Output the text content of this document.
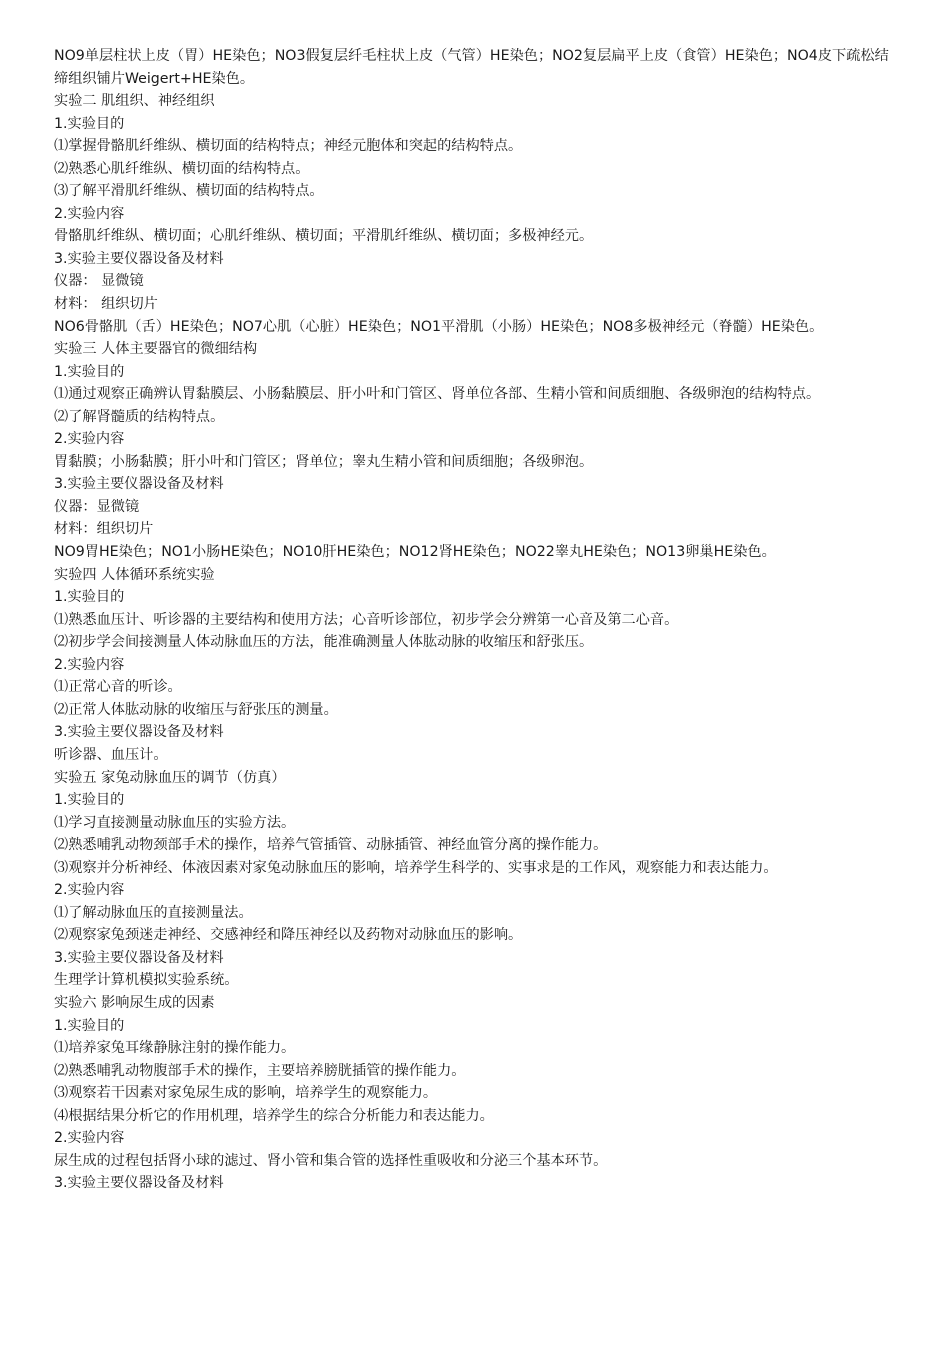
NO9单层柱状上皮（胃）HE染色；NO3假复层纤毛柱状上皮（气管）HE染色；NO2复层扁平上皮（食管）HE染色；NO4皮下疏松结缔组织铺片Weigert+HE染色。

实验二 肌组织、神经组织

1.实验目的

⑴掌握骨骼肌纤维纵、横切面的结构特点；神经元胞体和突起的结构特点。

⑵熟悉心肌纤维纵、横切面的结构特点。

⑶了解平滑肌纤维纵、横切面的结构特点。

2.实验内容

骨骼肌纤维纵、横切面；心肌纤维纵、横切面；平滑肌纤维纵、横切面；多极神经元。

3.实验主要仪器设备及材料

仪器： 显微镜

材料： 组织切片

NO6骨骼肌（舌）HE染色；NO7心肌（心脏）HE染色；NO1平滑肌（小肠）HE染色；NO8多极神经元（脊髓）HE染色。

实验三 人体主要器官的微细结构

1.实验目的

⑴通过观察正确辨认胃黏膜层、小肠黏膜层、肝小叶和门管区、肾单位各部、生精小管和间质细胞、各级卵泡的结构特点。

⑵了解肾髓质的结构特点。

2.实验内容

胃黏膜；小肠黏膜；肝小叶和门管区；肾单位；睾丸生精小管和间质细胞；各级卵泡。

3.实验主要仪器设备及材料

仪器：显微镜

材料：组织切片

NO9胃HE染色；NO1小肠HE染色；NO10肝HE染色；NO12肾HE染色；NO22睾丸HE染色；NO13卵巢HE染色。

实验四 人体循环系统实验

1.实验目的

⑴熟悉血压计、听诊器的主要结构和使用方法；心音听诊部位，初步学会分辨第一心音及第二心音。

⑵初步学会间接测量人体动脉血压的方法，能准确测量人体肱动脉的收缩压和舒张压。

2.实验内容

⑴正常心音的听诊。

⑵正常人体肱动脉的收缩压与舒张压的测量。

3.实验主要仪器设备及材料

听诊器、血压计。

实验五 家兔动脉血压的调节（仿真）

1.实验目的

⑴学习直接测量动脉血压的实验方法。

⑵熟悉哺乳动物颈部手术的操作，培养气管插管、动脉插管、神经血管分离的操作能力。

⑶观察并分析神经、体液因素对家兔动脉血压的影响，培养学生科学的、实事求是的工作风，观察能力和表达能力。

2.实验内容

⑴了解动脉血压的直接测量法。

⑵观察家兔颈迷走神经、交感神经和降压神经以及药物对动脉血压的影响。

3.实验主要仪器设备及材料

生理学计算机模拟实验系统。

实验六 影响尿生成的因素

1.实验目的

⑴培养家兔耳缘静脉注射的操作能力。

⑵熟悉哺乳动物腹部手术的操作，主要培养膀胱插管的操作能力。

⑶观察若干因素对家兔尿生成的影响，培养学生的观察能力。

⑷根据结果分析它的作用机理，培养学生的综合分析能力和表达能力。

2.实验内容

尿生成的过程包括肾小球的滤过、肾小管和集合管的选择性重吸收和分泌三个基本环节。

3.实验主要仪器设备及材料
